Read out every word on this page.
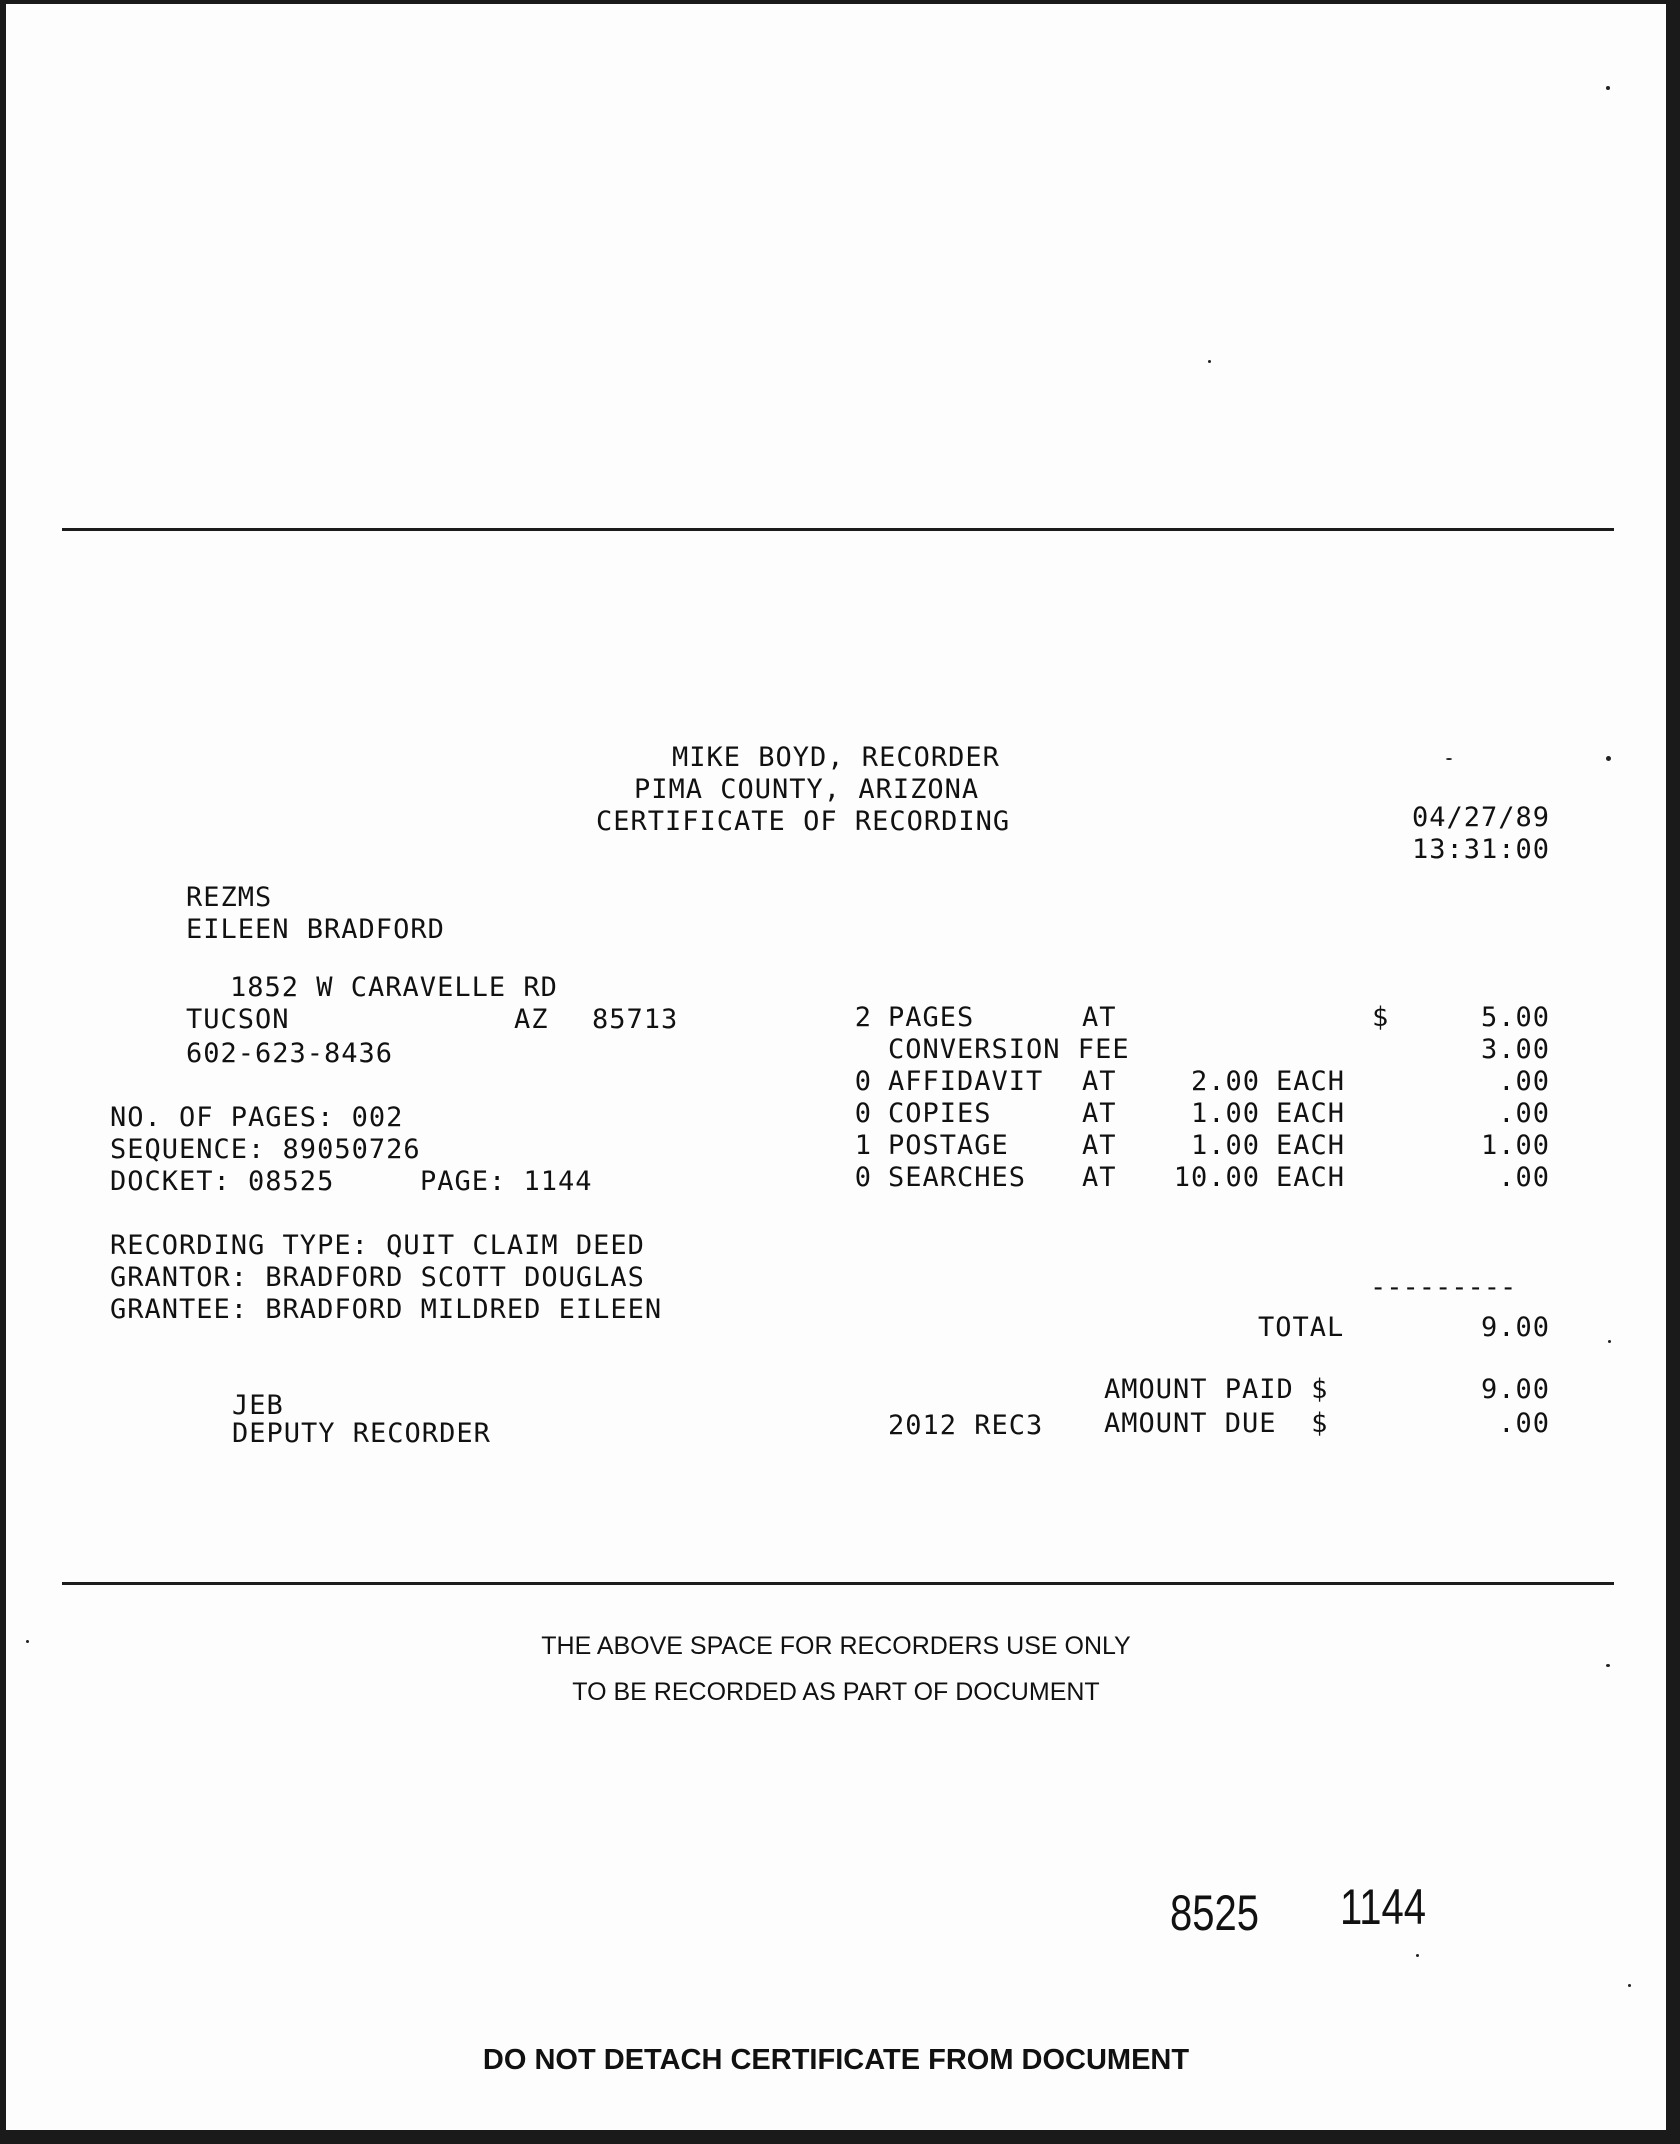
MIKE BOYD, RECORDER
PIMA COUNTY, ARIZONA
CERTIFICATE OF RECORDING	04/27/89
13:31:00
REZMS
EILEEN BRADFORD
1852 W CARAVELLE RD
TUCSON	AZ 85713
602-623-8436
NO. OF PAGES: 002
SEQUENCE: 89050726
DOCKET: 08525	PAGE: 1144
RECORDING TYPE: QUIT CLAIM DEED
GRANTOR: BRADFORD SCOTT DOUGLAS
GRANTEE: BRADFORD MILDRED EILEEN
2 PAGES	AT	$	5.00
CONVERSION FEE	3.00
0 AFFIDAVIT AT	2.00 EACH	.00
0 COPIES	AT	1.00 EACH	.00
1 POSTAGE	AT	1.00 EACH	1.00
0 SEARCHES AT	10.00 EACH	.00
---------
TOTAL	9.00
AMOUNT PAID $	9.00
AMOUNT DUE  $	.00
JEB
DEPUTY RECORDER	2012 REC3
THE ABOVE SPACE FOR RECORDERS USE ONLY
TO BE RECORDED AS PART OF DOCUMENT
8525 1144
DO NOT DETACH CERTIFICATE FROM DOCUMENT
